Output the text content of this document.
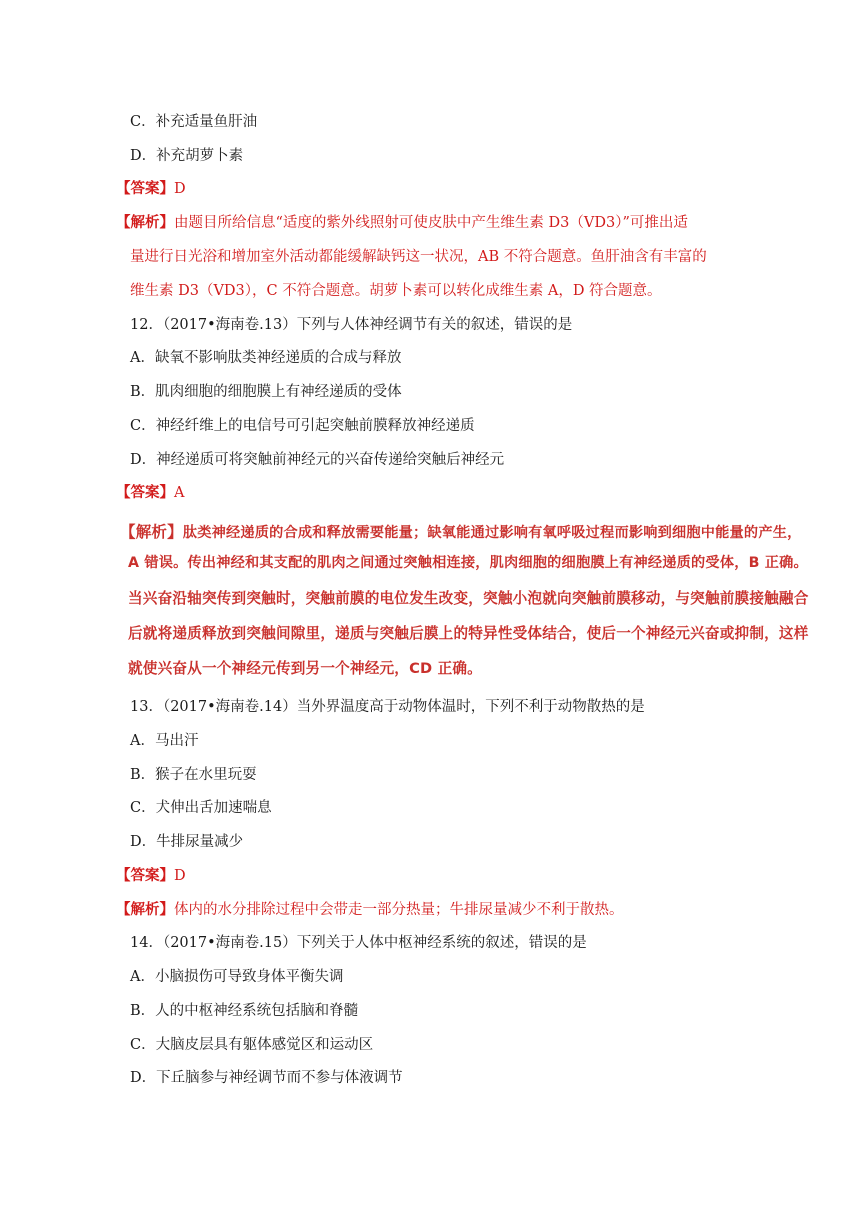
C．补充适量鱼肝油
D．补充胡萝卜素
【答案】D
【解析】由题目所给信息“适度的紫外线照射可使皮肤中产生维生素 D3（VD3）”可推出适
量进行日光浴和增加室外活动都能缓解缺钙这一状况，AB 不符合题意。鱼肝油含有丰富的
维生素 D3（VD3），C 不符合题意。胡萝卜素可以转化成维生素 A，D 符合题意。
12．（2017•海南卷.13）下列与人体神经调节有关的叙述，错误的是
A．缺氧不影响肽类神经递质的合成与释放
B．肌肉细胞的细胞膜上有神经递质的受体
C．神经纤维上的电信号可引起突触前膜释放神经递质
D．神经递质可将突触前神经元的兴奋传递给突触后神经元
【答案】A
【解析】肽类神经递质的合成和释放需要能量；缺氧能通过影响有氧呼吸过程而影响到细胞中能量的产生，
A 错误。传出神经和其支配的肌肉之间通过突触相连接，肌肉细胞的细胞膜上有神经递质的受体，B 正确。
当兴奋沿轴突传到突触时，突触前膜的电位发生改变，突触小泡就向突触前膜移动，与突触前膜接触融合
后就将递质释放到突触间隙里，递质与突触后膜上的特异性受体结合，使后一个神经元兴奋或抑制，这样
就使兴奋从一个神经元传到另一个神经元，CD 正确。
13．（2017•海南卷.14）当外界温度高于动物体温时，下列不利于动物散热的是
A．马出汗
B．猴子在水里玩耍
C．犬伸出舌加速喘息
D．牛排尿量减少
【答案】D
【解析】体内的水分排除过程中会带走一部分热量；牛排尿量减少不利于散热。
14．（2017•海南卷.15）下列关于人体中枢神经系统的叙述，错误的是
A．小脑损伤可导致身体平衡失调
B．人的中枢神经系统包括脑和脊髓
C．大脑皮层具有躯体感觉区和运动区
D．下丘脑参与神经调节而不参与体液调节
